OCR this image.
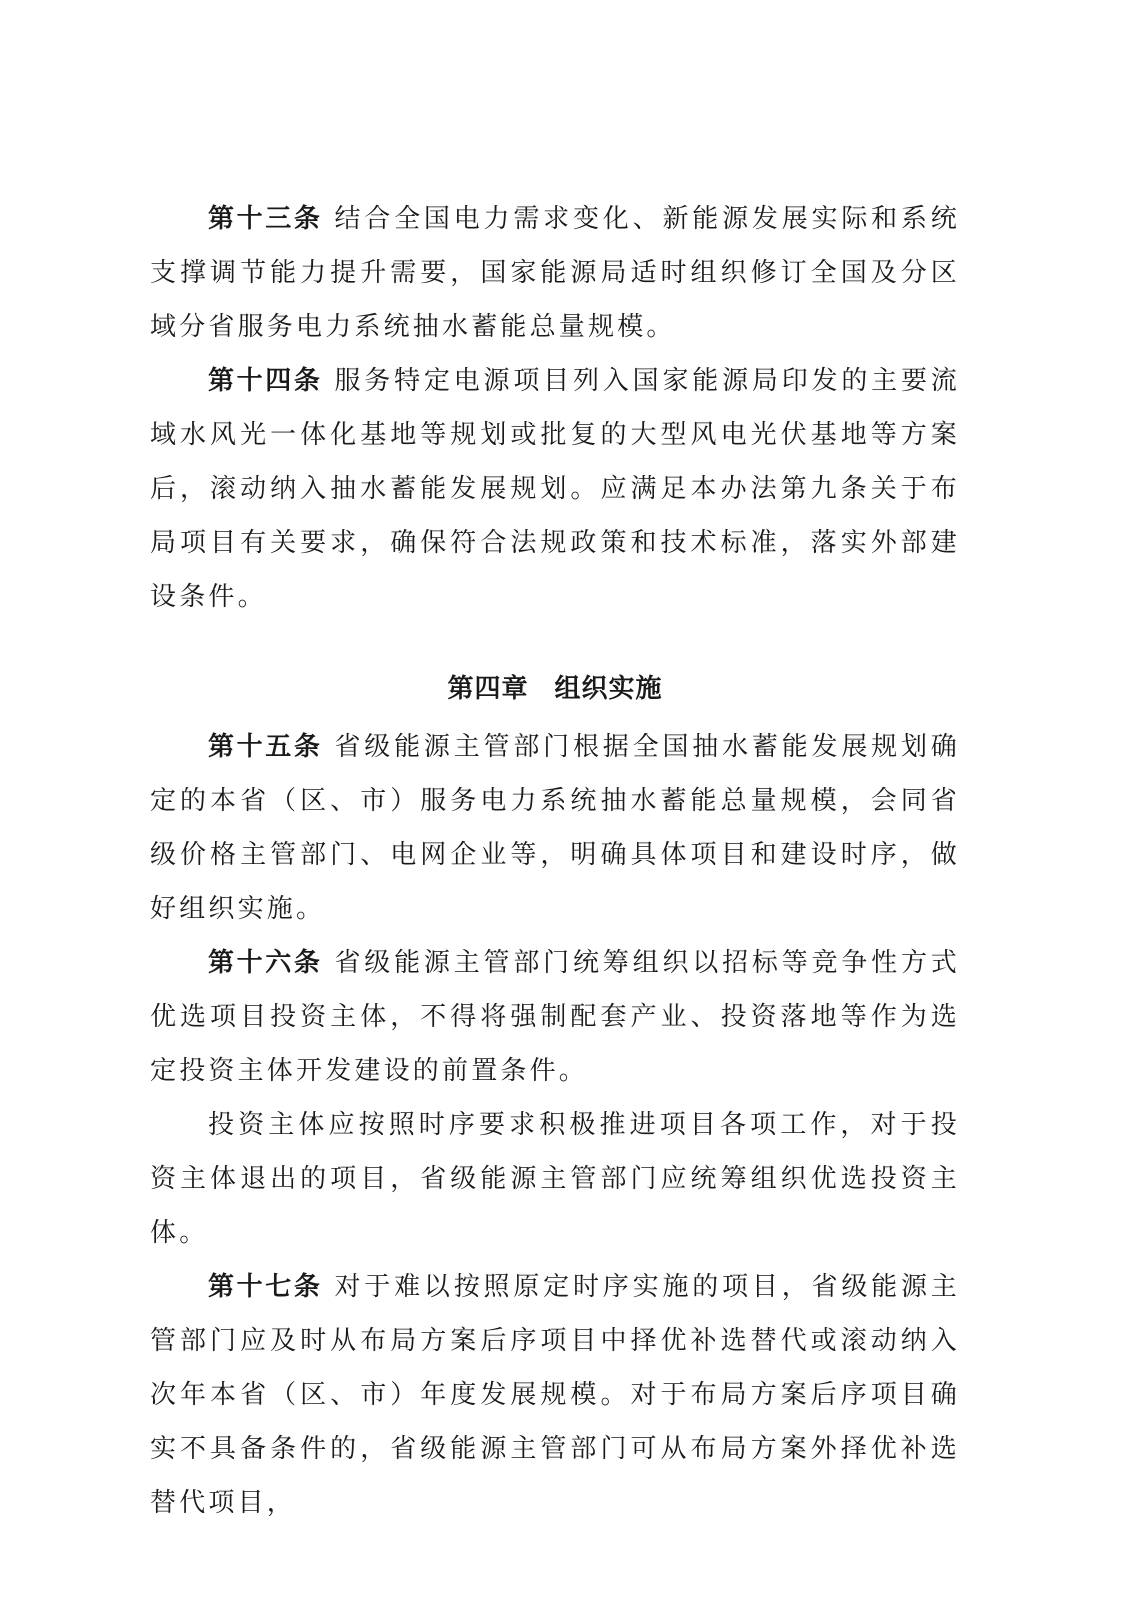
第十三条 结合全国电力需求变化、新能源发展实际和系统支撑调节能力提升需要，国家能源局适时组织修订全国及分区域分省服务电力系统抽水蓄能总量规模。

第十四条 服务特定电源项目列入国家能源局印发的主要流域水风光一体化基地等规划或批复的大型风电光伏基地等方案后，滚动纳入抽水蓄能发展规划。应满足本办法第九条关于布局项目有关要求，确保符合法规政策和技术标准，落实外部建设条件。

第四章 组织实施

第十五条 省级能源主管部门根据全国抽水蓄能发展规划确定的本省（区、市）服务电力系统抽水蓄能总量规模，会同省级价格主管部门、电网企业等，明确具体项目和建设时序，做好组织实施。

第十六条 省级能源主管部门统筹组织以招标等竞争性方式优选项目投资主体，不得将强制配套产业、投资落地等作为选定投资主体开发建设的前置条件。

投资主体应按照时序要求积极推进项目各项工作，对于投资主体退出的项目，省级能源主管部门应统筹组织优选投资主体。

第十七条 对于难以按照原定时序实施的项目，省级能源主管部门应及时从布局方案后序项目中择优补选替代或滚动纳入次年本省（区、市）年度发展规模。对于布局方案后序项目确实不具备条件的，省级能源主管部门可从布局方案外择优补选替代项目，
